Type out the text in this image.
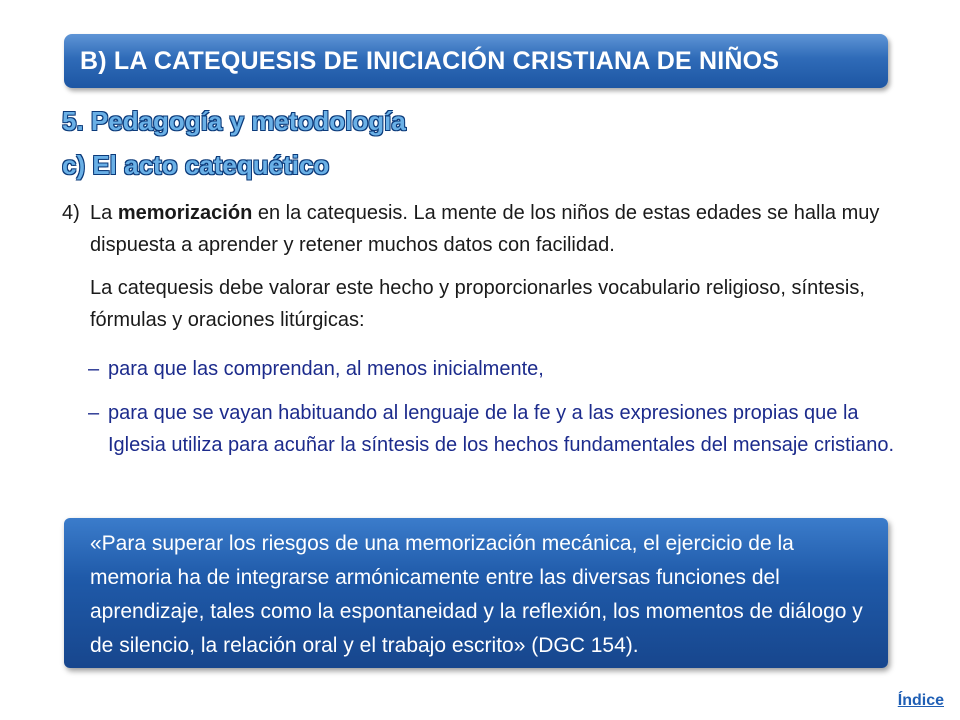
B) LA CATEQUESIS DE INICIACIÓN CRISTIANA DE NIÑOS
5. Pedagogía y metodología
c) El acto catequético
4) La memorización en la catequesis. La mente de los niños de estas edades se halla muy dispuesta a aprender y retener muchos datos con facilidad.
La catequesis debe valorar este hecho y proporcionarles vocabulario religioso, síntesis, fórmulas y oraciones litúrgicas:
– para que las comprendan, al menos inicialmente,
– para que se vayan habituando al lenguaje de la fe y a las expresiones propias que la Iglesia utiliza para acuñar la síntesis de los hechos fundamentales del mensaje cristiano.
«Para superar los riesgos de una memorización mecánica, el ejercicio de la memoria ha de integrarse armónicamente entre las diversas funciones del aprendizaje, tales como la espontaneidad y la reflexión, los momentos de diálogo y de silencio, la relación oral y el trabajo escrito» (DGC 154).
Índice
